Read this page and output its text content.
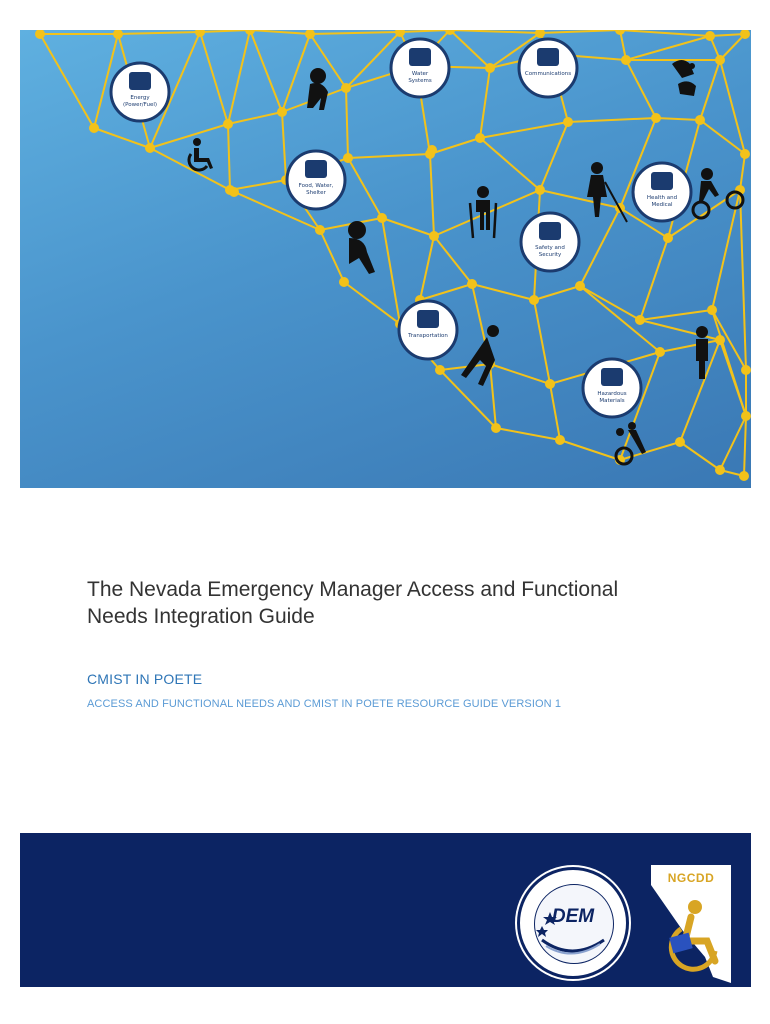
Energy
(Power/Fuel)
Water
Systems
Communications
Food, Water,
Shelter
Health and
Medical
Safety and
Security
Transportation
Hazardous
Materials
The Nevada Emergency Manager Access and Functional Needs Integration Guide
CMIST IN POETE
ACCESS AND FUNCTIONAL NEEDS AND CMIST IN POETE RESOURCE GUIDE VERSION 1
DEM
NGCDD
